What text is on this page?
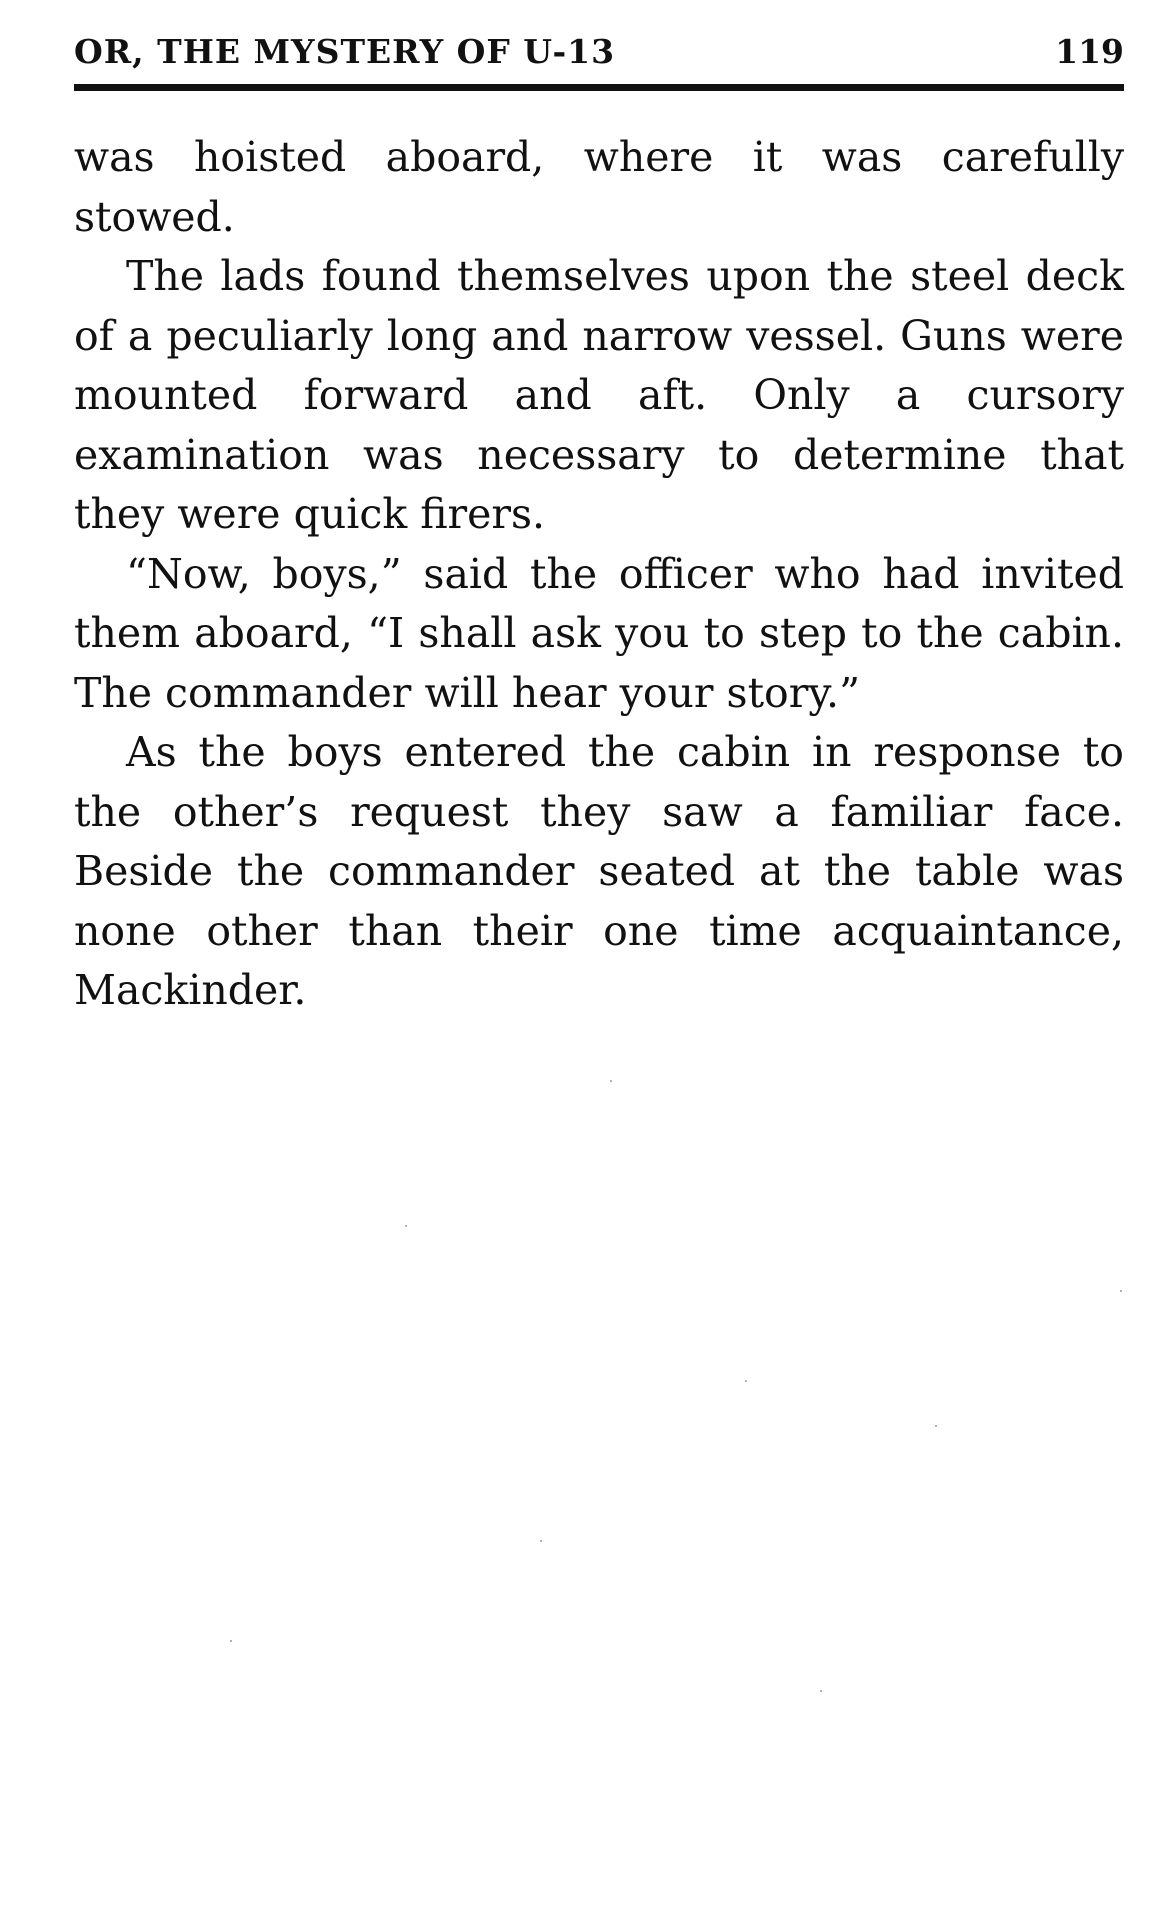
OR, THE MYSTERY OF U-13	119

was hoisted aboard, where it was carefully stowed.

The lads found themselves upon the steel deck of a peculiarly long and narrow vessel. Guns were mounted forward and aft. Only a cursory examination was necessary to determine that they were quick firers.

“Now, boys,” said the officer who had invited them aboard, “I shall ask you to step to the cabin. The commander will hear your story.”

As the boys entered the cabin in response to the other’s request they saw a familiar face. Beside the commander seated at the table was none other than their one time acquaintance, Mackinder.
